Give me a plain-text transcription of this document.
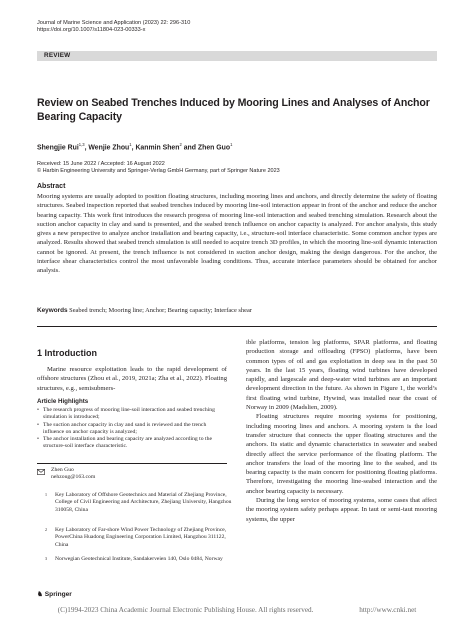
Journal of Marine Science and Application (2023) 22: 296-310
https://doi.org/10.1007/s11804-023-00333-x
REVIEW
Review on Seabed Trenches Induced by Mooring Lines and Analyses of Anchor Bearing Capacity
Shengjie Rui$^{1,3}$, Wenjie Zhou$^1$, Kanmin Shen$^2$ and Zhen Guo$^1$
Received: 15 June 2022 / Accepted: 16 August 2022
© Harbin Engineering University and Springer-Verlag GmbH Germany, part of Springer Nature 2023
Abstract
Mooring systems are usually adopted to position floating structures, including mooring lines and anchors, and directly determine the safety of floating structures. Seabed inspection reported that seabed trenches induced by mooring line-soil interaction appear in front of the anchor and reduce the anchor bearing capacity. This work first introduces the research progress of mooring line-soil interaction and seabed trenching simulation. Research about the suction anchor capacity in clay and sand is presented, and the seabed trench influence on anchor capacity is analyzed. For anchor analysis, this study gives a new perspective to analyze anchor installation and bearing capacity, i.e., structure-soil interface characteristic. Some common anchor types are analyzed. Results showed that seabed trench simulation is still needed to acquire trench 3D profiles, in which the mooring line-soil dynamic interaction cannot be ignored. At present, the trench influence is not considered in suction anchor design, making the design dangerous. For the anchor, the interface shear characteristics control the most unfavorable loading conditions. Thus, accurate interface parameters should be obtained for anchor analysis.
Keywords Seabed trench; Mooring line; Anchor; Bearing capacity; Interface shear
1 Introduction

Marine resource exploitation leads to the rapid development of offshore structures (Zhou et al., 2019, 2021a; Zha et al., 2022). Floating structures, e.g., semisubmers-

Article Highlights
• The research progress of mooring line-soil interaction and seabed trenching simulation is introduced;
• The suction anchor capacity in clay and sand is reviewed and the trench influence on anchor capacity is analyzed;
• The anchor installation and bearing capacity are analyzed according to the structure-soil interface characteristic.
Zhen Guo
nehzoug@163.com
1 Key Laboratory of Offshore Geotechnics and Material of Zhejiang Province, College of Civil Engineering and Architecture, Zhejiang University, Hangzhou 310058, China
2 Key Laboratory of Far-shore Wind Power Technology of Zhejiang Province, PowerChina Huadong Engineering Corporation Limited, Hangzhou 311122, China
3 Norwegian Geotechnical Institute, Sandakerveien 140, Oslo 0484, Norway

ible platforms, tension leg platforms, SPAR platforms, and floating production storage and offloading (FPSO) platforms, have been common types of oil and gas exploitation in deep sea in the past 50 years. In the last 15 years, floating wind turbines have developed rapidly, and largescale and deep-water wind turbines are an important development direction in the future. As shown in Figure 1, the world’s first floating wind turbine, Hywind, was installed near the coast of Norway in 2009 (Madslien, 2009).

Floating structures require mooring systems for positioning, including mooring lines and anchors. A mooring system is the load transfer structure that connects the upper floating structures and the anchors. Its static and dynamic characteristics in seawater and seabed directly affect the service performance of the floating platform. The anchor transfers the load of the mooring line to the seabed, and its bearing capacity is the main concern for positioning floating platforms. Therefore, investigating the mooring line-seabed interaction and the anchor bearing capacity is necessary.

During the long service of mooring systems, some cases that affect the mooring system safety perhaps appear. In taut or semi-taut mooring systems, the upper

♞ Springer
(C)1994-2023 China Academic Journal Electronic Publishing House. All rights reserved.	http://www.cnki.net
